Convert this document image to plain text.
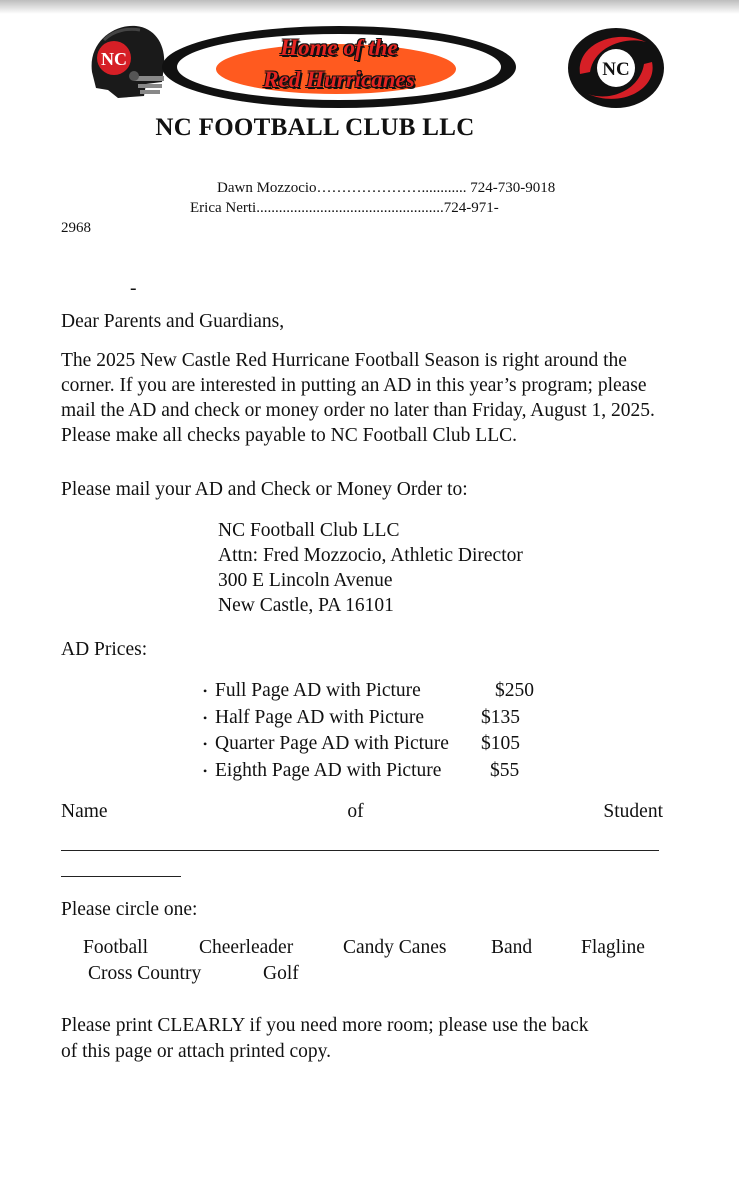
NC	Home of the
Red Hurricanes	NC
NC FOOTBALL CLUB LLC
Dawn Mozzocio…………………............ 724-730-9018
Erica Nerti..................................................724-971-
2968
-
Dear Parents and Guardians,
The 2025 New Castle Red Hurricane Football Season is right around the corner. If you are interested in putting an AD in this year’s program; please mail the AD and check or money order no later than Friday, August 1, 2025. Please make all checks payable to NC Football Club LLC.
Please mail your AD and Check or Money Order to:
NC Football Club LLC
Attn: Fred Mozzocio, Athletic Director
300 E Lincoln Avenue
New Castle, PA 16101
AD Prices:
• Full Page AD with Picture	$250
• Half Page AD with Picture	$135
• Quarter Page AD with Picture	$105
• Eighth Page AD with Picture	$55
Name	of	Student
Please circle one:
Football	Cheerleader	Candy Canes Band	Flagline
Cross Country	Golf
Please print CLEARLY if you need more room; please use the back
of this page or attach printed copy.
